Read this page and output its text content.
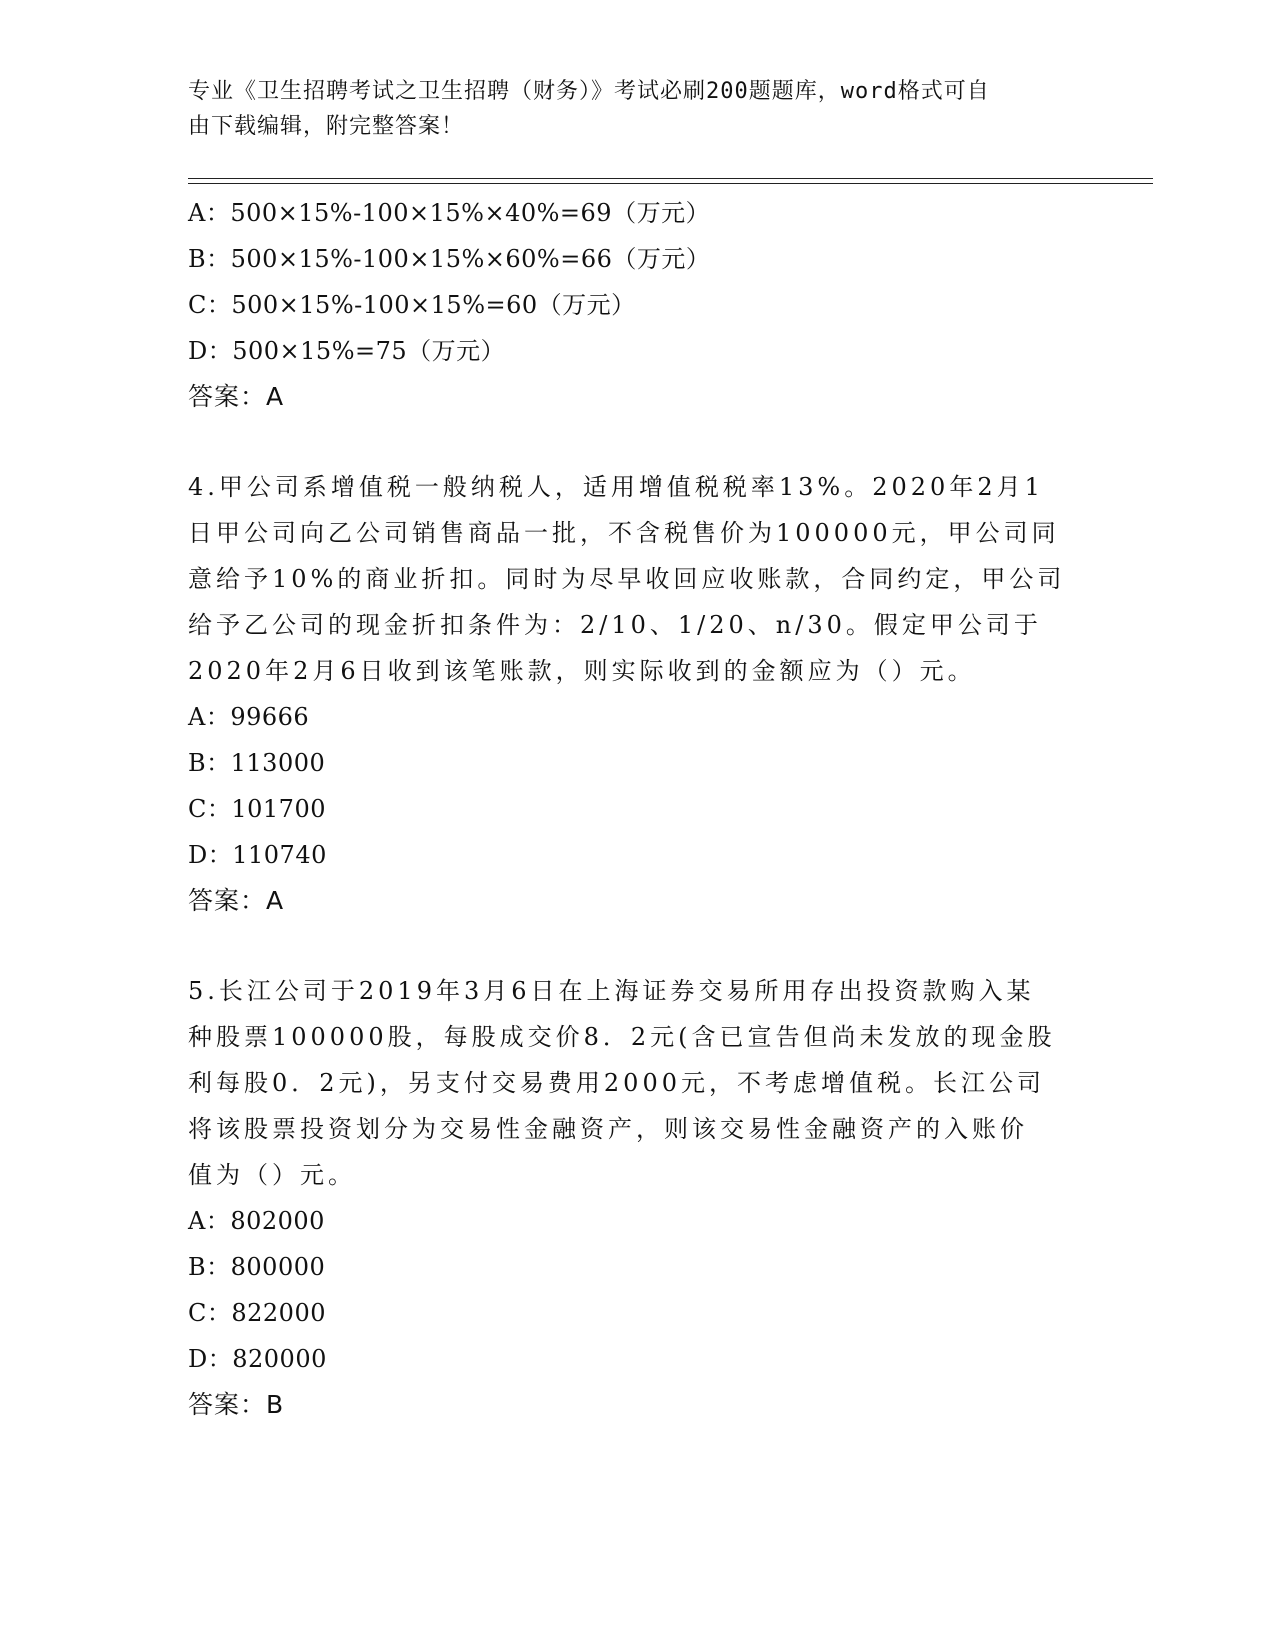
专业《卫生招聘考试之卫生招聘（财务）》考试必刷200题题库，word格式可自
由下载编辑，附完整答案！
A：500×15%-100×15%×40%=69（万元）
B：500×15%-100×15%×60%=66（万元）
C：500×15%-100×15%=60（万元）
D：500×15%=75（万元）
答案：A
4.甲公司系增值税一般纳税人，适用增值税税率13%。2020年2月1
日甲公司向乙公司销售商品一批，不含税售价为100000元，甲公司同
意给予10%的商业折扣。同时为尽早收回应收账款，合同约定，甲公司
给予乙公司的现金折扣条件为：2/10、1/20、n/30。假定甲公司于
2020年2月6日收到该笔账款，则实际收到的金额应为（）元。
A：99666
B：113000
C：101700
D：110740
答案：A
5.长江公司于2019年3月6日在上海证券交易所用存出投资款购入某
种股票100000股，每股成交价8．2元(含已宣告但尚未发放的现金股
利每股0．2元)，另支付交易费用2000元，不考虑增值税。长江公司
将该股票投资划分为交易性金融资产，则该交易性金融资产的入账价
值为（）元。
A：802000
B：800000
C：822000
D：820000
答案：B
